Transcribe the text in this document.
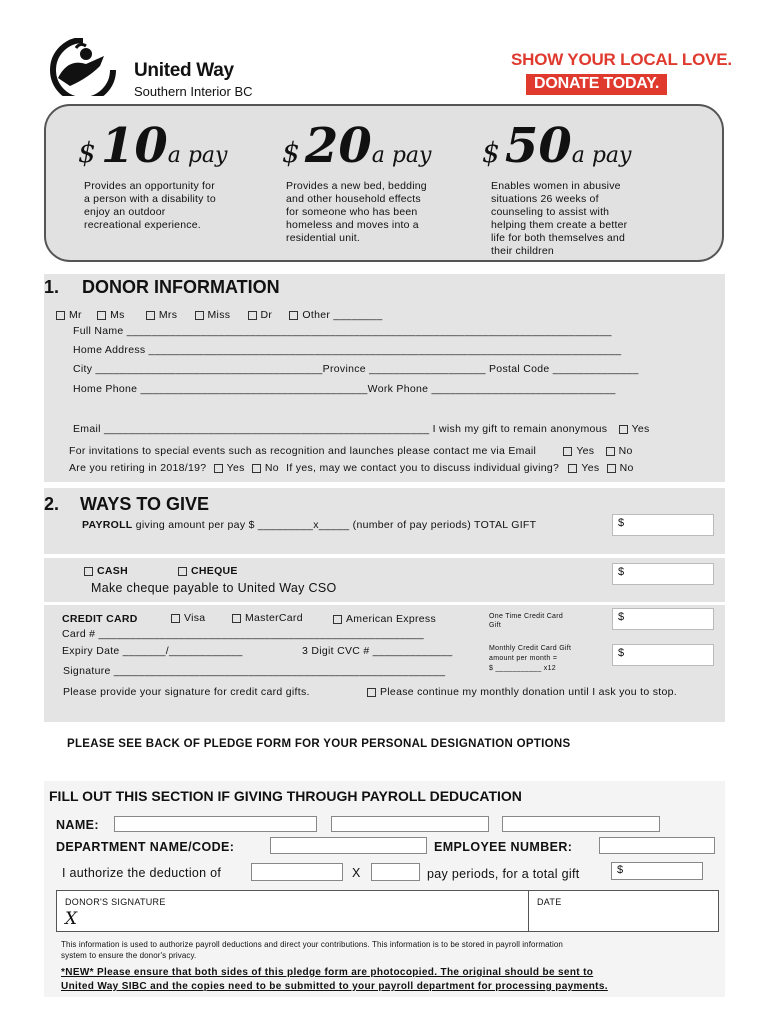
United Way
Southern Interior BC
SHOW YOUR LOCAL LOVE.
DONATE TODAY.
$ 10a pay
Provides an opportunity for
a person with a disability to
enjoy an outdoor
recreational experience.
$ 20a pay
Provides a new bed, bedding
and other household effects
for someone who has been
homeless and moves into a
residential unit.
$ 50a pay
Enables women in abusive
situations 26 weeks of
counseling to assist with
helping them create a better
life for both themselves and
their children
1. DONOR INFORMATION
Mr	Ms	Mrs	Miss	Dr	Other ________
Full Name _______________________________________________________________________________
Home Address _____________________________________________________________________________
City _____________________________________Province ___________________ Postal Code ______________
Home Phone _____________________________________Work Phone ______________________________
Email _____________________________________________________ I wish my gift to remain anonymous Yes
For invitations to special events such as recognition and launches please contact me via Email	Yes No
Are you retiring in 2018/19? Yes No If yes, may we contact you to discuss individual giving? Yes No
2. WAYS TO GIVE
PAYROLL giving amount per pay $ _________x_____ (number of pay periods) TOTAL GIFT	$
CASH	CHEQUE
Make cheque payable to United Way CSO
$
CREDIT CARD	Visa	MasterCard	American Express
Card # _____________________________________________________
Expiry Date _______/____________	3 Digit CVC # _____________
Signature ______________________________________________________
Please provide your signature for credit card gifts.	Please continue my monthly donation until I ask you to stop.
One Time Credit Card
Gift
$
Monthly Credit Card Gift
amount per month =
$ ___________ x12
$
PLEASE SEE BACK OF PLEDGE FORM FOR YOUR PERSONAL DESIGNATION OPTIONS
FILL OUT THIS SECTION IF GIVING THROUGH PAYROLL DEDUCATION
NAME:
DEPARTMENT NAME/CODE:	EMPLOYEE NUMBER:
I authorize the deduction of	X	pay periods, for a total gift	$
DONOR'S SIGNATURE
X
DATE
This information is used to authorize payroll deductions and direct your contributions. This information is to be stored in payroll information
system to ensure the donor's privacy.
*NEW* Please ensure that both sides of this pledge form are photocopied. The original should be sent to
United Way SIBC and the copies need to be submitted to your payroll department for processing payments.
